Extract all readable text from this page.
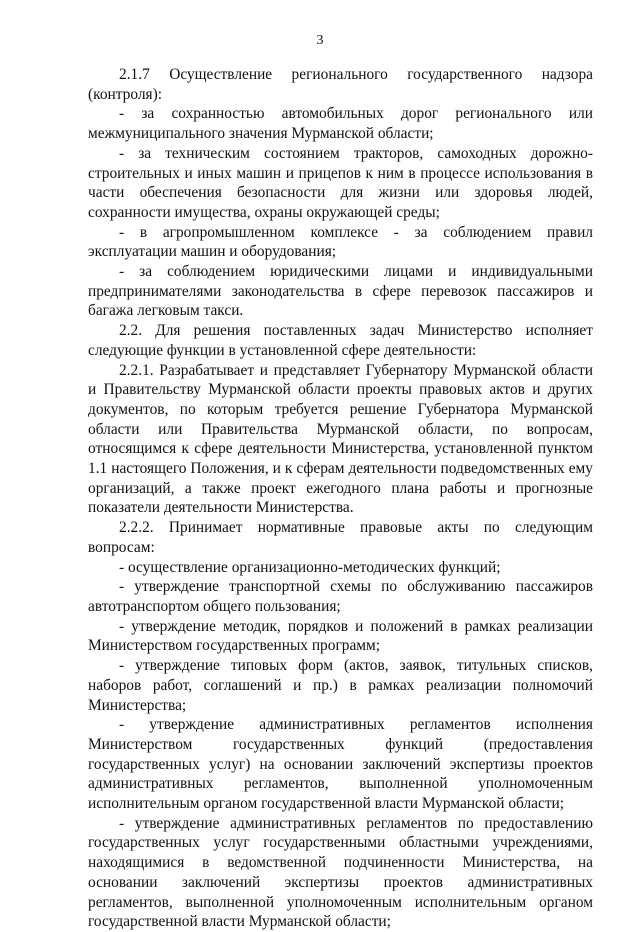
3

2.1.7 Осуществление регионального государственного надзора (контроля):

- за сохранностью автомобильных дорог регионального или межмуниципального значения Мурманской области;

- за техническим состоянием тракторов, самоходных дорожно-строительных и иных машин и прицепов к ним в процессе использования в части обеспечения безопасности для жизни или здоровья людей, сохранности имущества, охраны окружающей среды;

- в агропромышленном комплексе - за соблюдением правил эксплуатации машин и оборудования;

- за соблюдением юридическими лицами и индивидуальными предпринимателями законодательства в сфере перевозок пассажиров и багажа легковым такси.

2.2. Для решения поставленных задач Министерство исполняет следующие функции в установленной сфере деятельности:

2.2.1. Разрабатывает и представляет Губернатору Мурманской области и Правительству Мурманской области проекты правовых актов и других документов, по которым требуется решение Губернатора Мурманской области или Правительства Мурманской области, по вопросам, относящимся к сфере деятельности Министерства, установленной пунктом 1.1 настоящего Положения, и к сферам деятельности подведомственных ему организаций, а также проект ежегодного плана работы и прогнозные показатели деятельности Министерства.

2.2.2. Принимает нормативные правовые акты по следующим вопросам:

- осуществление организационно-методических функций;

- утверждение транспортной схемы по обслуживанию пассажиров автотранспортом общего пользования;

- утверждение методик, порядков и положений в рамках реализации Министерством государственных программ;

- утверждение типовых форм (актов, заявок, титульных списков, наборов работ, соглашений и пр.) в рамках реализации полномочий Министерства;

- утверждение административных регламентов исполнения Министерством государственных функций (предоставления государственных услуг) на основании заключений экспертизы проектов административных регламентов, выполненной уполномоченным исполнительным органом государственной власти Мурманской области;

- утверждение административных регламентов по предоставлению государственных услуг государственными областными учреждениями, находящимися в ведомственной подчиненности Министерства, на основании заключений экспертизы проектов административных регламентов, выполненной уполномоченным исполнительным органом государственной власти Мурманской области;
